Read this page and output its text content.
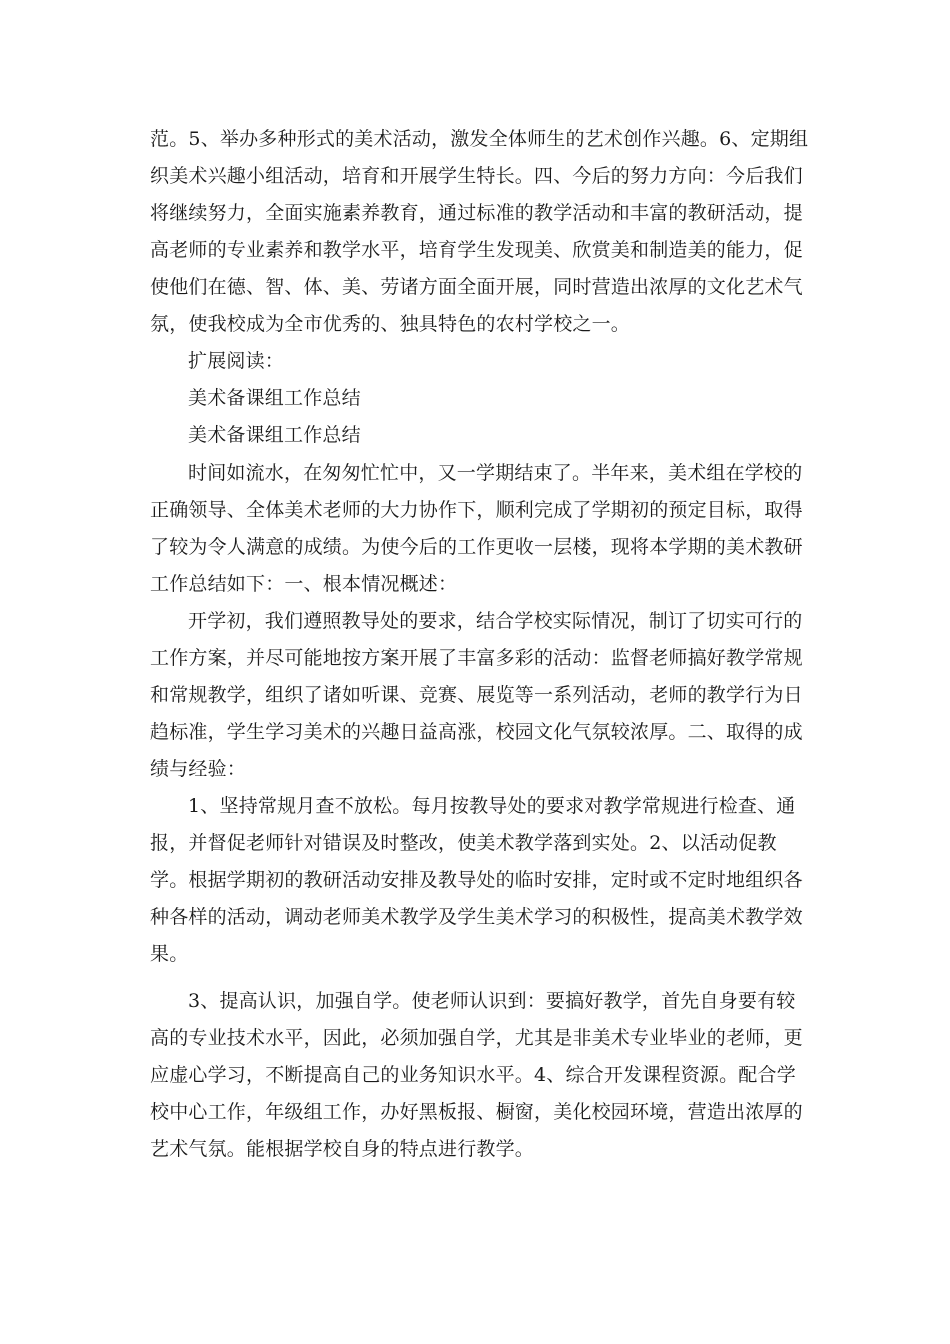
范。5、举办多种形式的美术活动，激发全体师生的艺术创作兴趣。6、定期组
织美术兴趣小组活动，培育和开展学生特长。四、今后的努力方向：今后我们
将继续努力，全面实施素养教育，通过标准的教学活动和丰富的教研活动，提
高老师的专业素养和教学水平，培育学生发现美、欣赏美和制造美的能力，促
使他们在德、智、体、美、劳诸方面全面开展，同时营造出浓厚的文化艺术气
氛，使我校成为全市优秀的、独具特色的农村学校之一。
扩展阅读：
美术备课组工作总结
美术备课组工作总结
时间如流水，在匆匆忙忙中，又一学期结束了。半年来，美术组在学校的
正确领导、全体美术老师的大力协作下，顺利完成了学期初的预定目标，取得
了较为令人满意的成绩。为使今后的工作更收一层楼，现将本学期的美术教研
工作总结如下：一、根本情况概述：
开学初，我们遵照教导处的要求，结合学校实际情况，制订了切实可行的
工作方案，并尽可能地按方案开展了丰富多彩的活动：监督老师搞好教学常规
和常规教学，组织了诸如听课、竞赛、展览等一系列活动，老师的教学行为日
趋标准，学生学习美术的兴趣日益高涨，校园文化气氛较浓厚。二、取得的成
绩与经验：
1、坚持常规月查不放松。每月按教导处的要求对教学常规进行检查、通
报，并督促老师针对错误及时整改，使美术教学落到实处。2、以活动促教
学。根据学期初的教研活动安排及教导处的临时安排，定时或不定时地组织各
种各样的活动，调动老师美术教学及学生美术学习的积极性，提高美术教学效
果。
3、提高认识，加强自学。使老师认识到：要搞好教学，首先自身要有较
高的专业技术水平，因此，必须加强自学，尤其是非美术专业毕业的老师，更
应虚心学习，不断提高自己的业务知识水平。4、综合开发课程资源。配合学
校中心工作，年级组工作，办好黑板报、橱窗，美化校园环境，营造出浓厚的
艺术气氛。能根据学校自身的特点进行教学。
